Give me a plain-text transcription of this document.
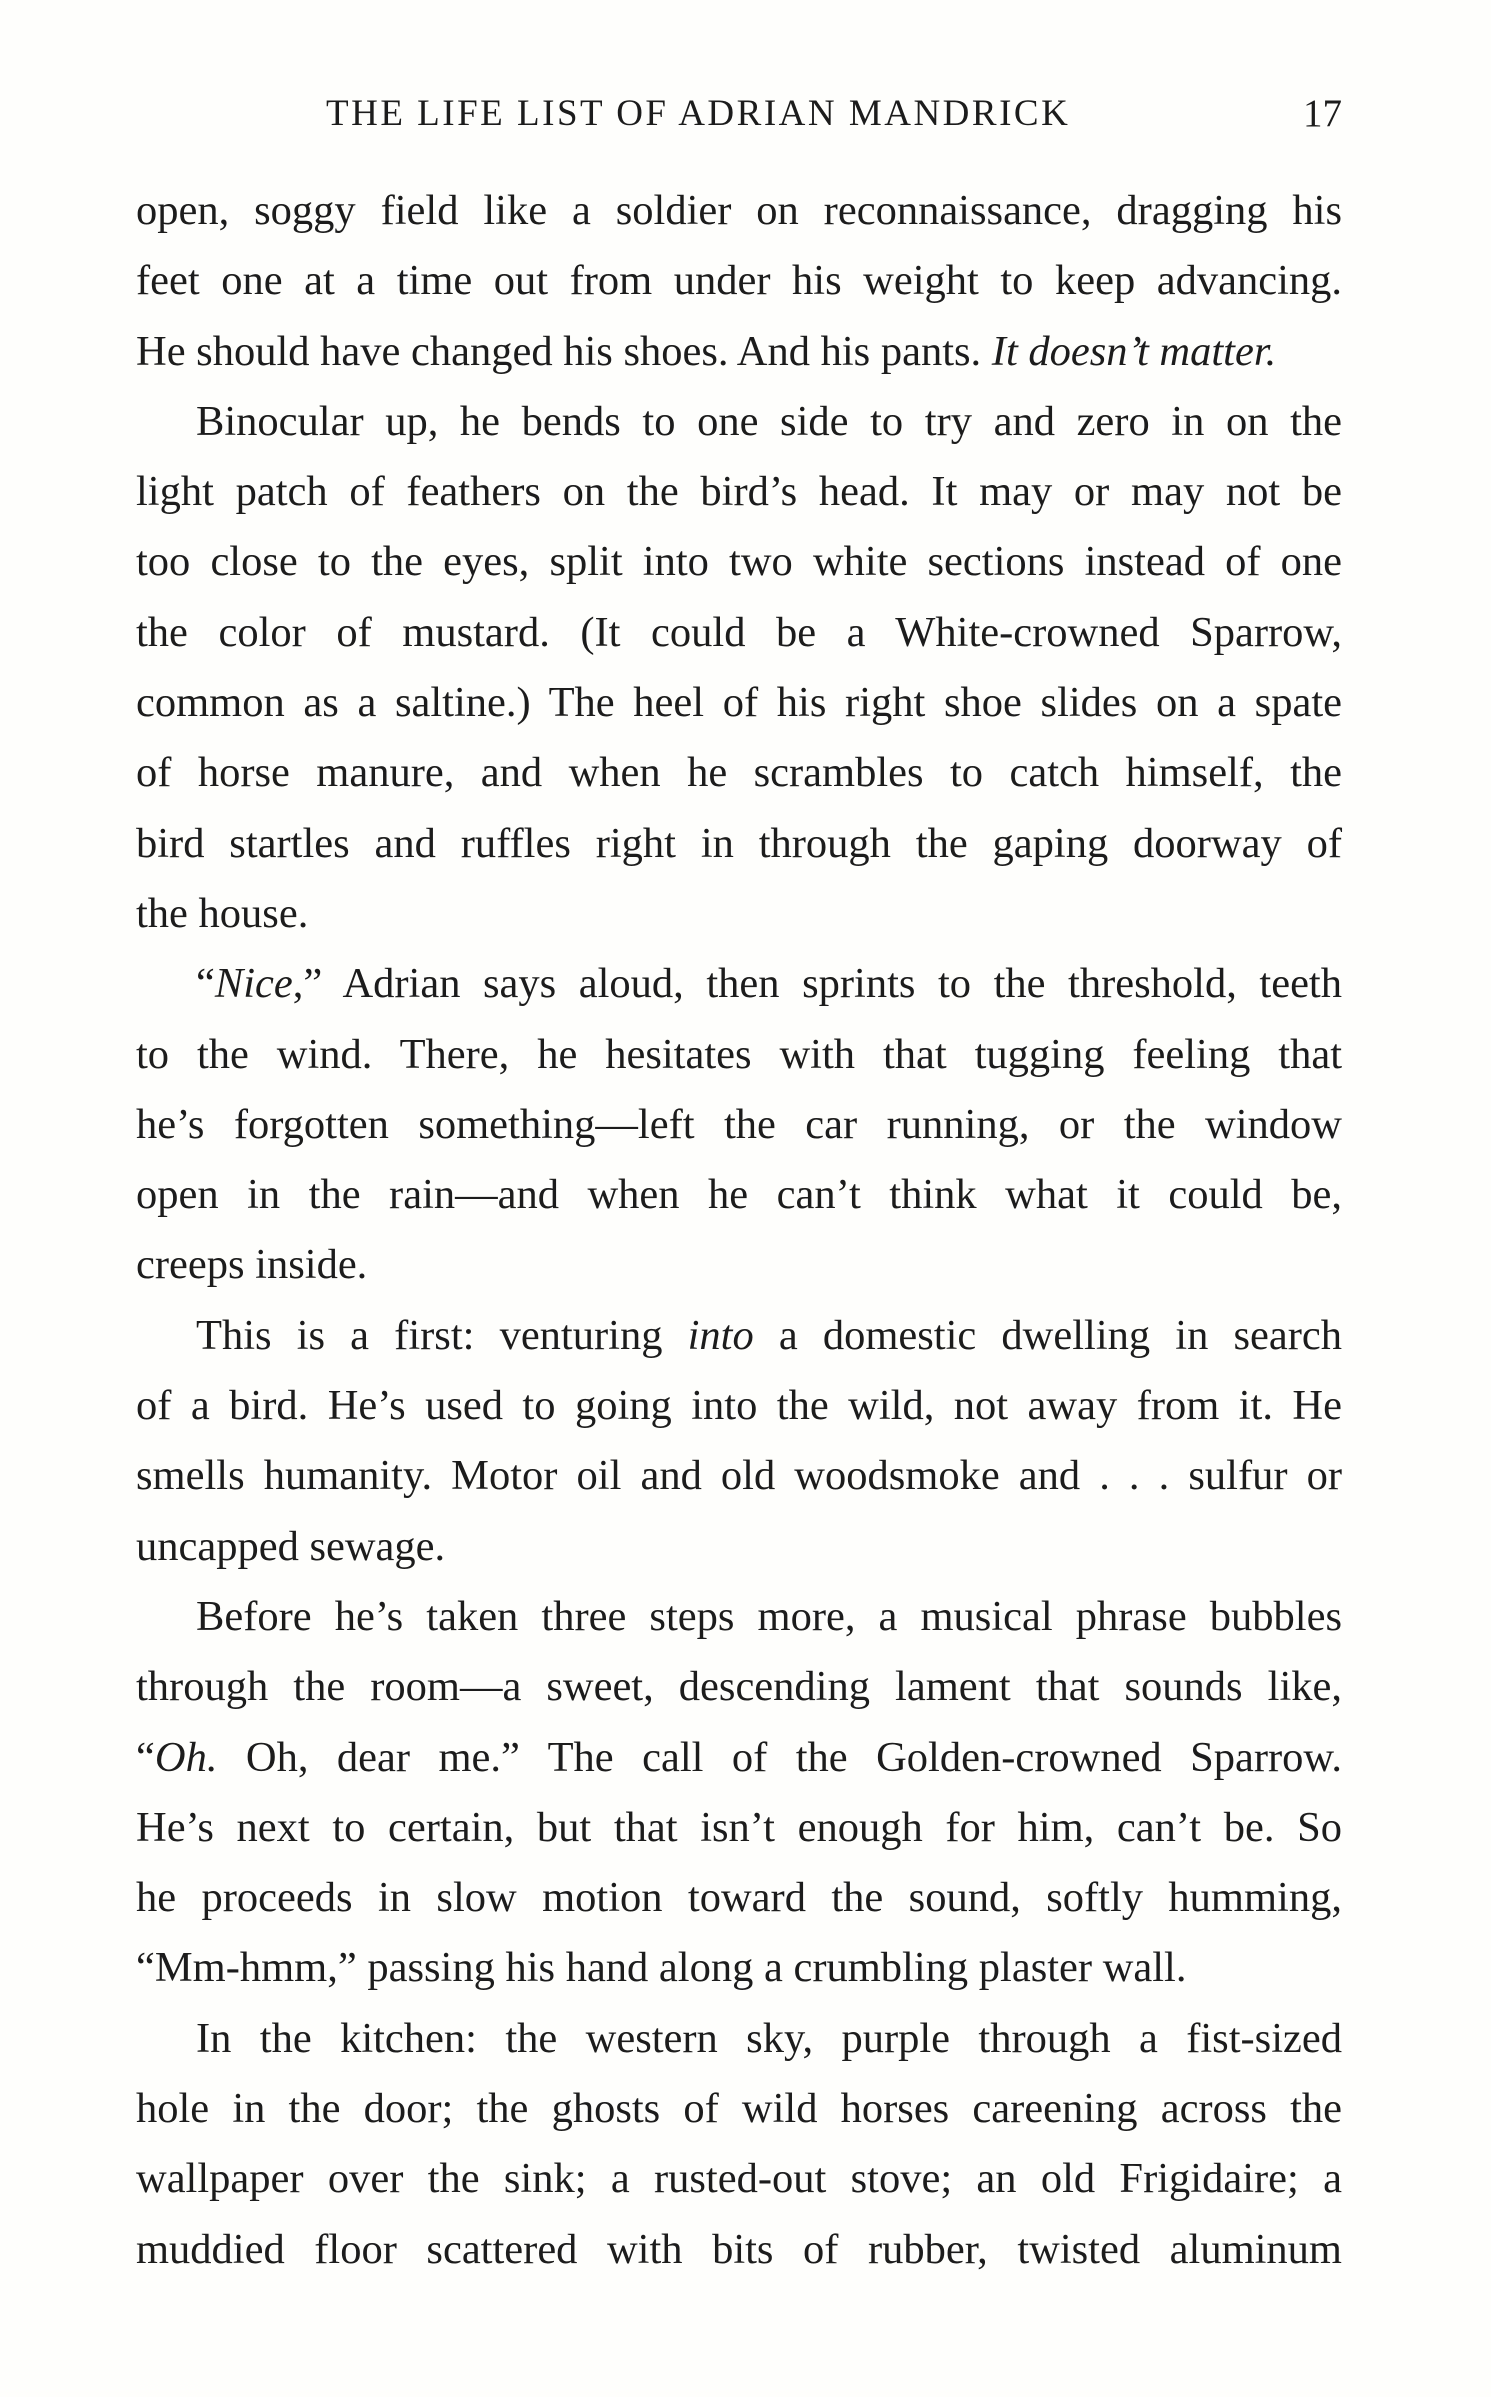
THE LIFE LIST OF ADRIAN MANDRICK	17
open, soggy field like a soldier on reconnaissance, dragging his
feet one at a time out from under his weight to keep advancing.
He should have changed his shoes. And his pants. It doesn’t matter.
Binocular up, he bends to one side to try and zero in on the
light patch of feathers on the bird’s head. It may or may not be
too close to the eyes, split into two white sections instead of one
the color of mustard. (It could be a White-crowned Sparrow,
common as a saltine.) The heel of his right shoe slides on a spate
of horse manure, and when he scrambles to catch himself, the
bird startles and ruffles right in through the gaping doorway of
the house.
“Nice,” Adrian says aloud, then sprints to the threshold, teeth
to the wind. There, he hesitates with that tugging feeling that
he’s forgotten something—left the car running, or the window
open in the rain—and when he can’t think what it could be,
creeps inside.
This is a first: venturing into a domestic dwelling in search
of a bird. He’s used to going into the wild, not away from it. He
smells humanity. Motor oil and old woodsmoke and . . . sulfur or
uncapped sewage.
Before he’s taken three steps more, a musical phrase bubbles
through the room—a sweet, descending lament that sounds like,
“Oh. Oh, dear me.” The call of the Golden-crowned Sparrow.
He’s next to certain, but that isn’t enough for him, can’t be. So
he proceeds in slow motion toward the sound, softly humming,
“Mm-hmm,” passing his hand along a crumbling plaster wall.
In the kitchen: the western sky, purple through a fist-sized
hole in the door; the ghosts of wild horses careening across the
wallpaper over the sink; a rusted-out stove; an old Frigidaire; a
muddied floor scattered with bits of rubber, twisted aluminum
